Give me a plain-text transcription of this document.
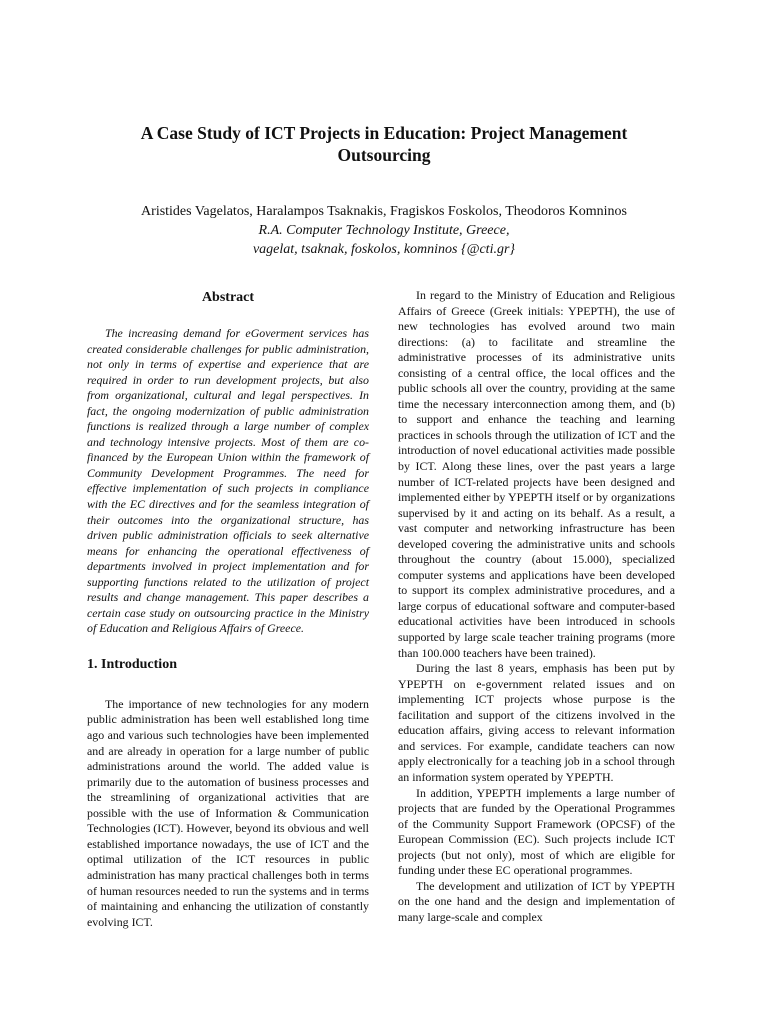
A Case Study of ICT Projects in Education: Project Management Outsourcing
Aristides Vagelatos, Haralampos Tsaknakis, Fragiskos Foskolos, Theodoros Komninos
R.A. Computer Technology Institute, Greece,
vagelat, tsaknak, foskolos, komninos {@cti.gr}
Abstract

The increasing demand for eGoverment services has created considerable challenges for public administration, not only in terms of expertise and experience that are required in order to run development projects, but also from organizational, cultural and legal perspectives. In fact, the ongoing modernization of public administration functions is realized through a large number of complex and technology intensive projects. Most of them are co-financed by the European Union within the framework of Community Development Programmes. The need for effective implementation of such projects in compliance with the EC directives and for the seamless integration of their outcomes into the organizational structure, has driven public administration officials to seek alternative means for enhancing the operational effectiveness of departments involved in project implementation and for supporting functions related to the utilization of project results and change management. This paper describes a certain case study on outsourcing practice in the Ministry of Education and Religious Affairs of Greece.

1. Introduction

The importance of new technologies for any modern public administration has been well established long time ago and various such technologies have been implemented and are already in operation for a large number of public administrations around the world. The added value is primarily due to the automation of business processes and the streamlining of organizational activities that are possible with the use of Information & Communication Technologies (ICT). However, beyond its obvious and well established importance nowadays, the use of ICT and the optimal utilization of the ICT resources in public administration has many practical challenges both in terms of human resources needed to run the systems and in terms of maintaining and enhancing the utilization of constantly evolving ICT.

In regard to the Ministry of Education and Religious Affairs of Greece (Greek initials: YPEPTH), the use of new technologies has evolved around two main directions: (a) to facilitate and streamline the administrative processes of its administrative units consisting of a central office, the local offices and the public schools all over the country, providing at the same time the necessary interconnection among them, and (b) to support and enhance the teaching and learning practices in schools through the utilization of ICT and the introduction of novel educational activities made possible by ICT. Along these lines, over the past years a large number of ICT-related projects have been designed and implemented either by YPEPTH itself or by organizations supervised by it and acting on its behalf. As a result, a vast computer and networking infrastructure has been developed covering the administrative units and schools throughout the country (about 15.000), specialized computer systems and applications have been developed to support its complex administrative procedures, and a large corpus of educational software and computer-based educational activities have been introduced in schools supported by large scale teacher training programs (more than 100.000 teachers have been trained).

During the last 8 years, emphasis has been put by YPEPTH on e-government related issues and on implementing ICT projects whose purpose is the facilitation and support of the citizens involved in the education affairs, giving access to relevant information and services. For example, candidate teachers can now apply electronically for a teaching job in a school through an information system operated by YPEPTH.

In addition, YPEPTH implements a large number of projects that are funded by the Operational Programmes of the Community Support Framework (OPCSF) of the European Commission (EC). Such projects include ICT projects (but not only), most of which are eligible for funding under these EC operational programmes.

The development and utilization of ICT by YPEPTH on the one hand and the design and implementation of many large-scale and complex
